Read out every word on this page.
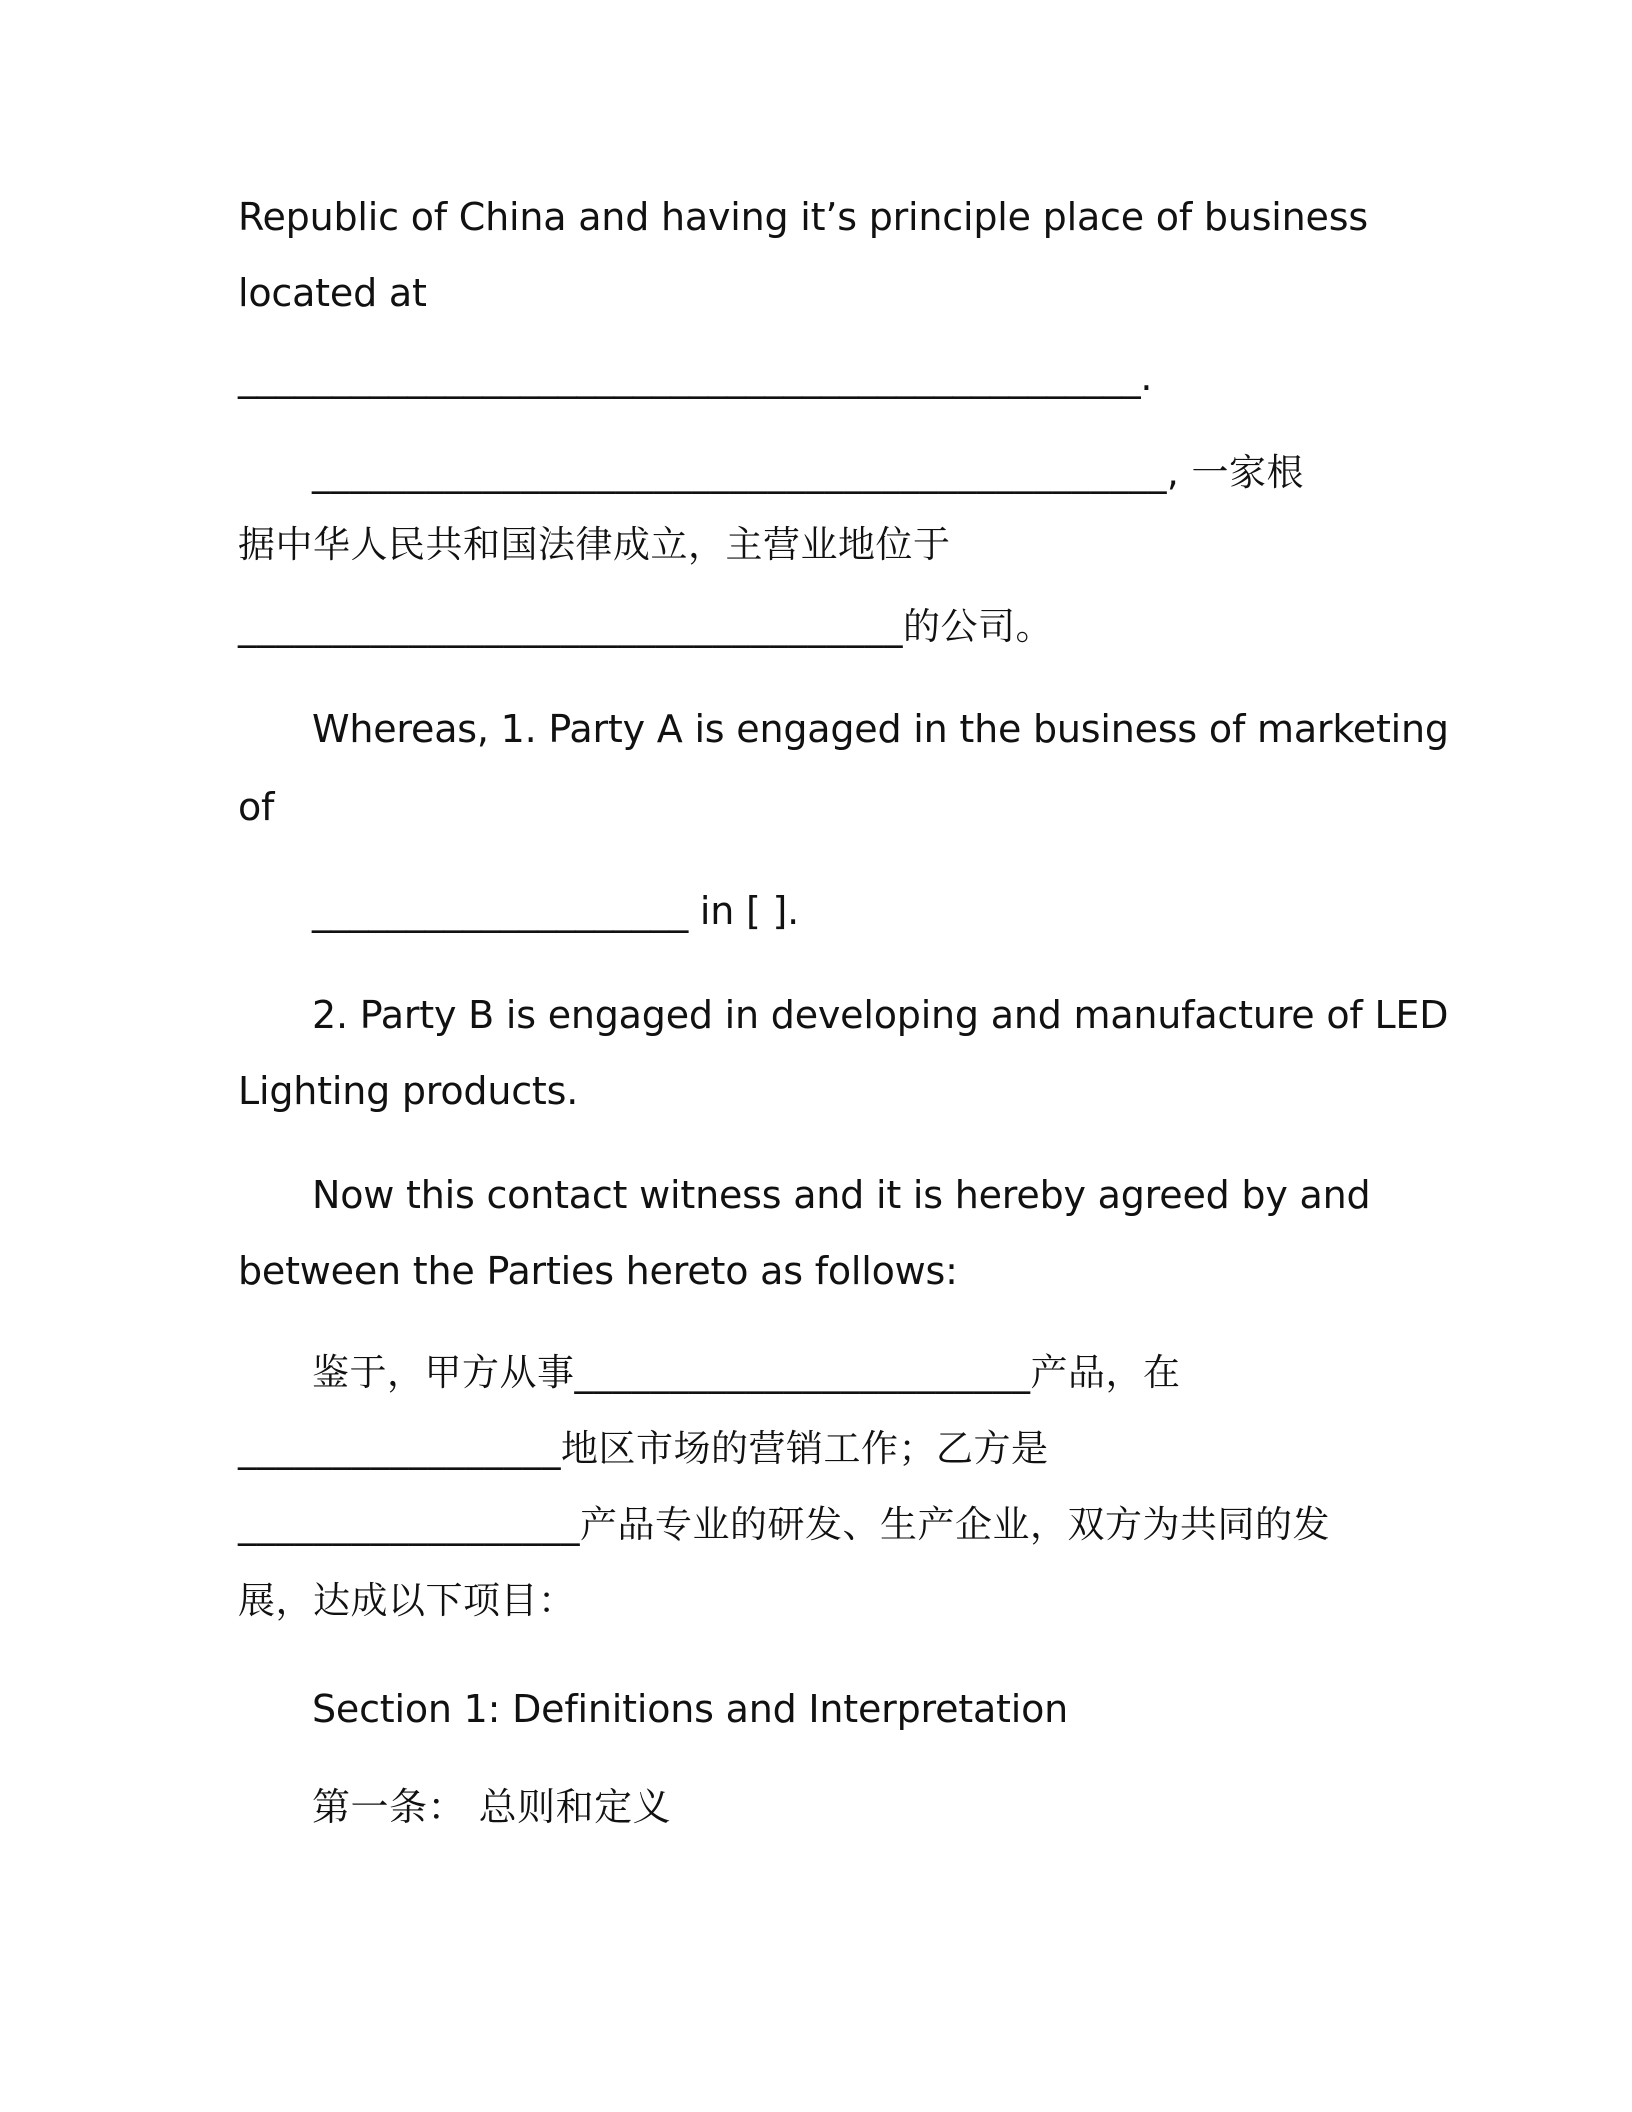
Republic of China and having it’s principle place of business
located at
________________________________________________.
_____________________________________________, 一家根
据中华人民共和国法律成立，主营业地位于
___________________________________的公司。
Whereas, 1. Party A is engaged in the business of marketing
of
____________________ in [ ].
2. Party B is engaged in developing and manufacture of LED
Lighting products.
Now this contact witness and it is hereby agreed by and
between the Parties hereto as follows:
鉴于，甲方从事________________________产品，在
_________________地区市场的营销工作；乙方是
__________________产品专业的研发、生产企业，双方为共同的发
展，达成以下项目：
Section 1: Definitions and Interpretation
第一条： 总则和定义
